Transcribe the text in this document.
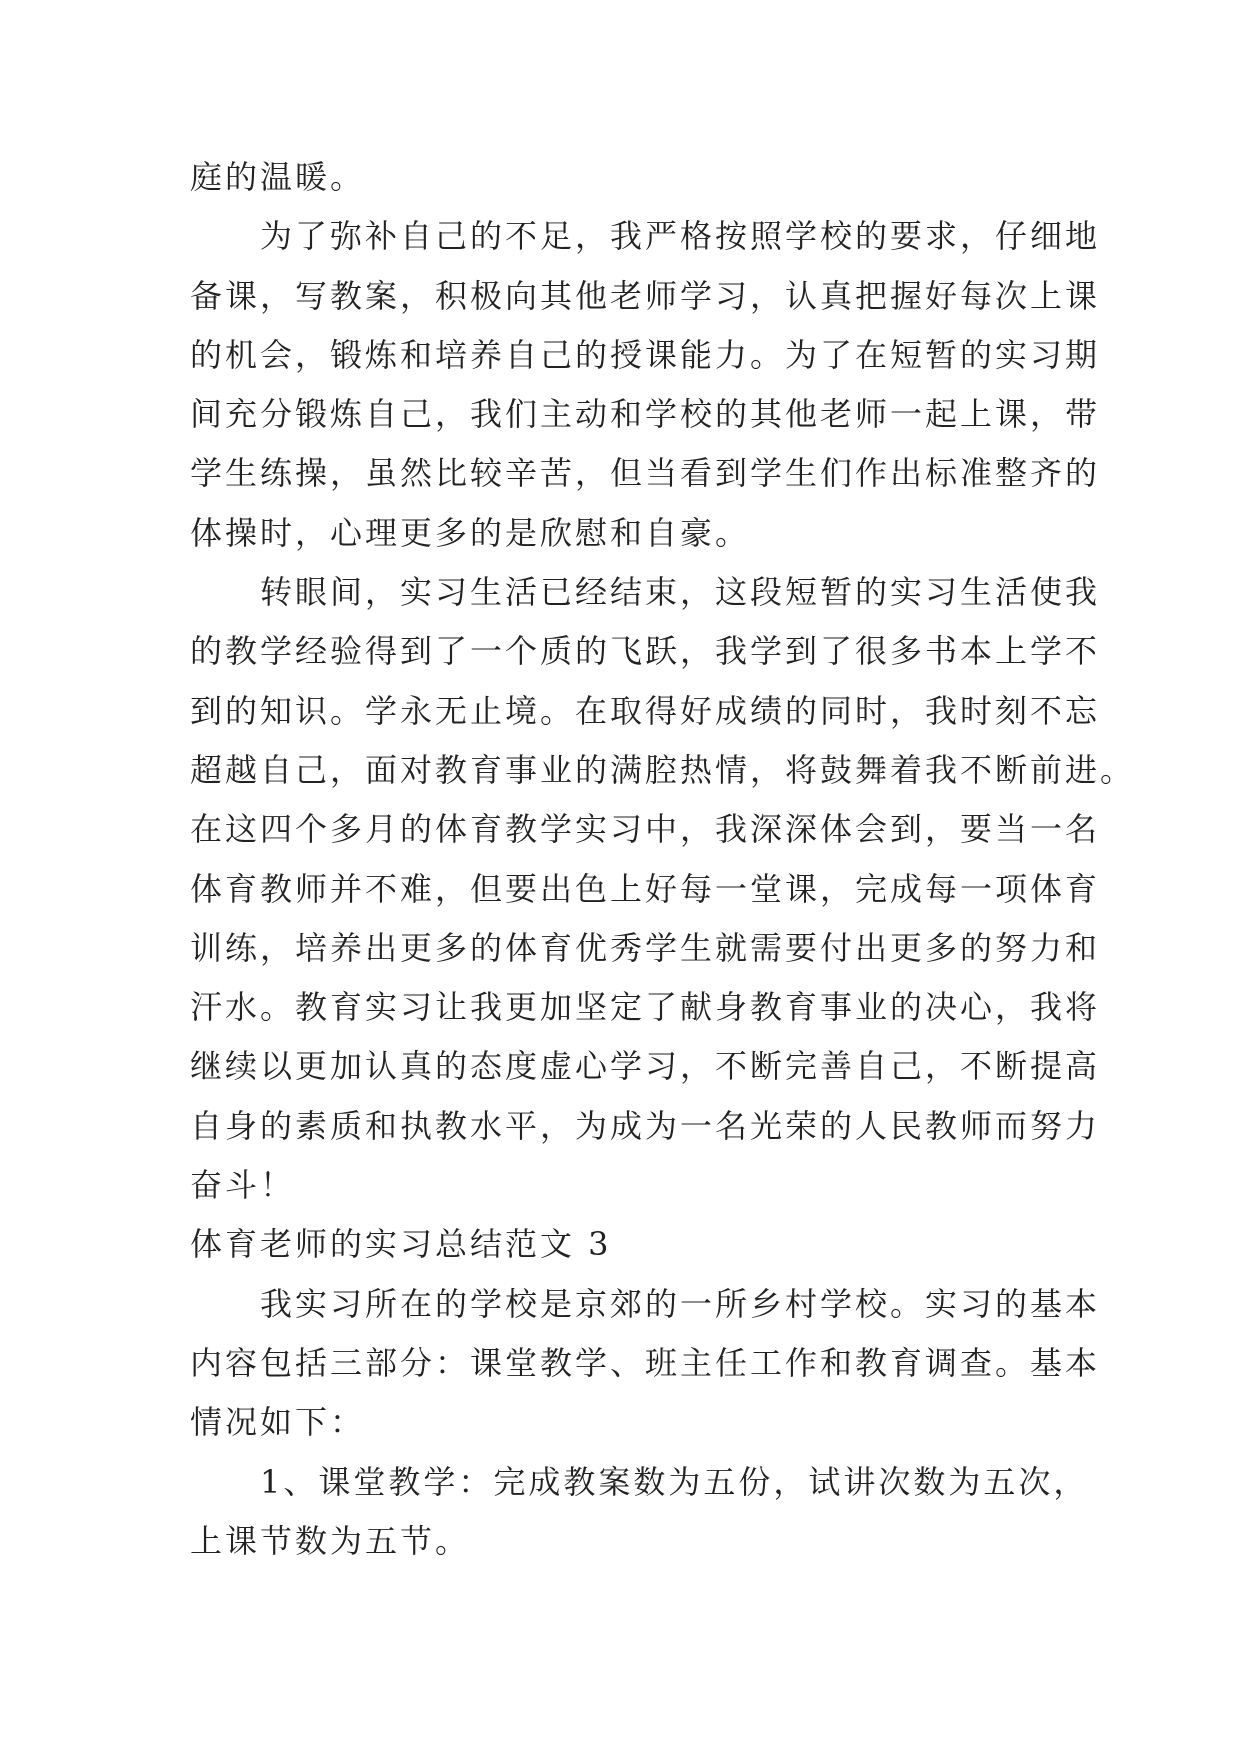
庭的温暖。
为了弥补自己的不足，我严格按照学校的要求，仔细地
备课，写教案，积极向其他老师学习，认真把握好每次上课
的机会，锻炼和培养自己的授课能力。为了在短暂的实习期
间充分锻炼自己，我们主动和学校的其他老师一起上课，带
学生练操，虽然比较辛苦，但当看到学生们作出标准整齐的
体操时，心理更多的是欣慰和自豪。
转眼间，实习生活已经结束，这段短暂的实习生活使我
的教学经验得到了一个质的飞跃，我学到了很多书本上学不
到的知识。学永无止境。在取得好成绩的同时，我时刻不忘
超越自己，面对教育事业的满腔热情，将鼓舞着我不断前进。
在这四个多月的体育教学实习中，我深深体会到，要当一名
体育教师并不难，但要出色上好每一堂课，完成每一项体育
训练，培养出更多的体育优秀学生就需要付出更多的努力和
汗水。教育实习让我更加坚定了献身教育事业的决心，我将
继续以更加认真的态度虚心学习，不断完善自己，不断提高
自身的素质和执教水平，为成为一名光荣的人民教师而努力
奋斗！
体育老师的实习总结范文 3
我实习所在的学校是京郊的一所乡村学校。实习的基本
内容包括三部分：课堂教学、班主任工作和教育调查。基本
情况如下：
1、课堂教学：完成教案数为五份，试讲次数为五次，
上课节数为五节。
